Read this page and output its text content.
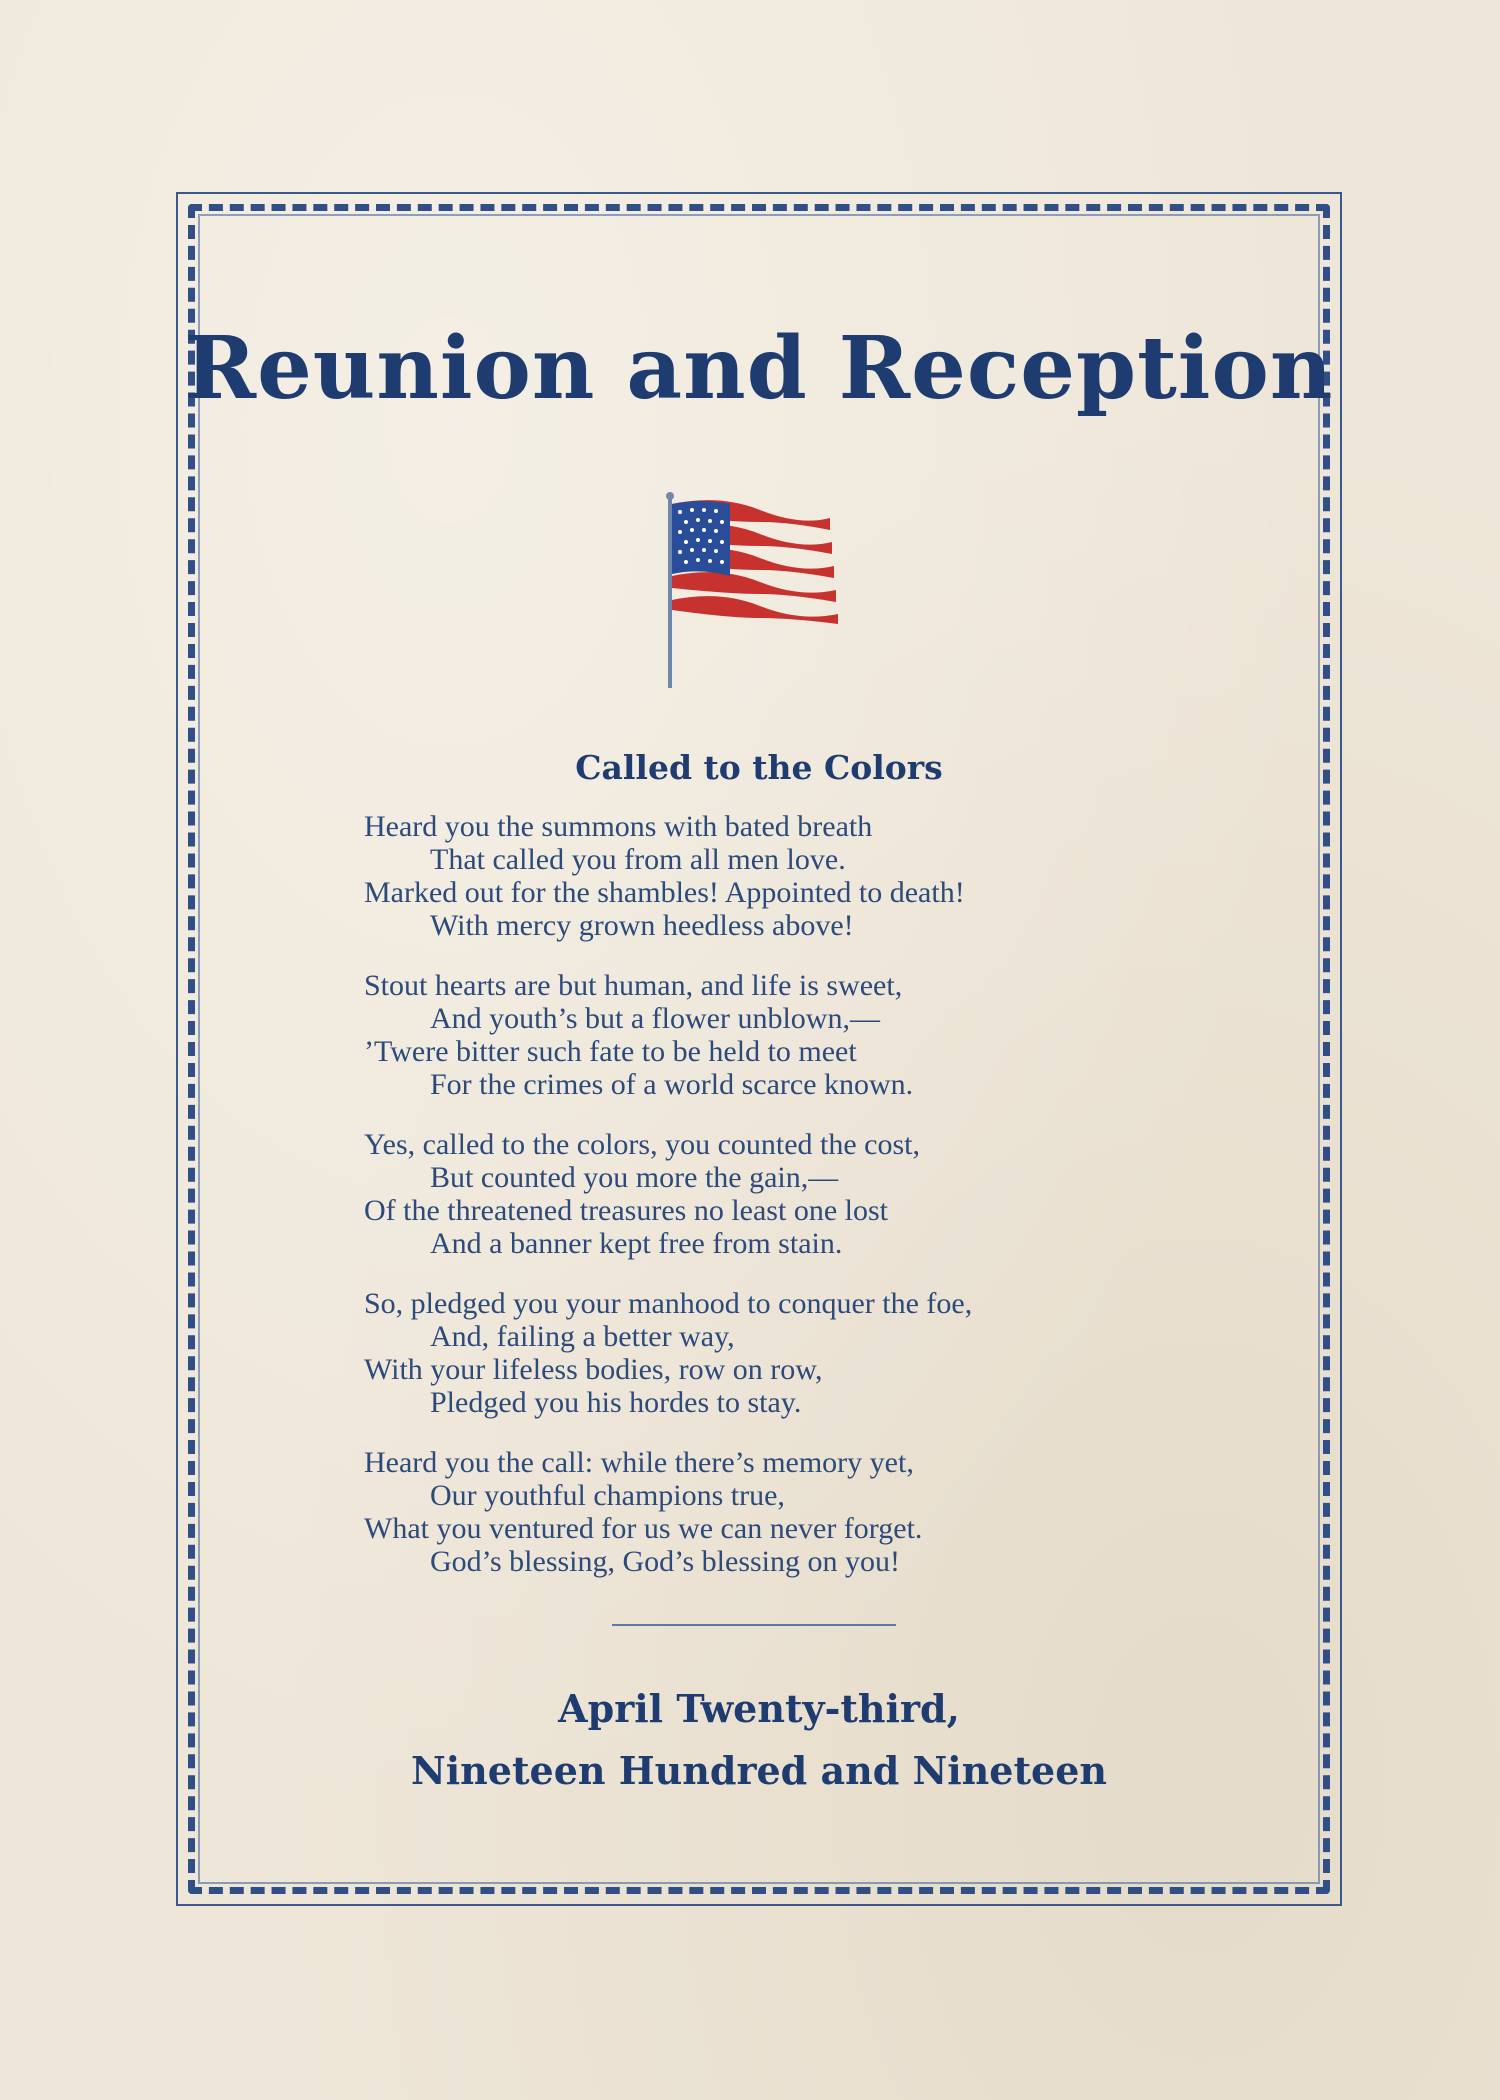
Reunion and Reception
Called to the Colors
Heard you the summons with bated breath
That called you from all men love.
Marked out for the shambles! Appointed to death!
With mercy grown heedless above!
Stout hearts are but human, and life is sweet,
And youth’s but a flower unblown,—
’Twere bitter such fate to be held to meet
For the crimes of a world scarce known.
Yes, called to the colors, you counted the cost,
But counted you more the gain,—
Of the threatened treasures no least one lost
And a banner kept free from stain.
So, pledged you your manhood to conquer the foe,
And, failing a better way,
With your lifeless bodies, row on row,
Pledged you his hordes to stay.
Heard you the call: while there’s memory yet,
Our youthful champions true,
What you ventured for us we can never forget.
God’s blessing, God’s blessing on you!
April Twenty-third,
Nineteen Hundred and Nineteen
